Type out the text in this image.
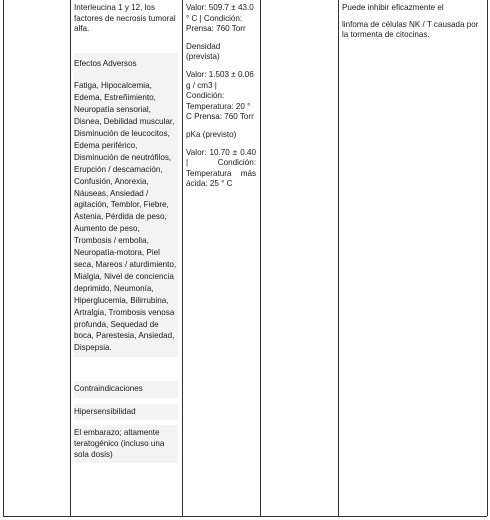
Interleucina 1 y 12, los factores de necrosis tumoral alfa.

Efectos Adversos

Fatiga, Hipocalcemia, Edema, Estreñimiento, Neuropatía sensorial, Disnea, Debilidad muscular, Disminución de leucocitos, Edema periférico, Disminución de neutrófilos, Erupción / descamación, Confusión, Anorexia, Náuseas, Ansiedad / agitación, Temblor, Fiebre, Astenia, Pérdida de peso, Aumento de peso, Trombosis / embolia, Neuropatía-motora, Piel seca, Mareos / aturdimiento, Mialgia, Nivel de conciencia deprimido, Neumonía, Hiperglucemia, Bilirrubina, Artralgia, Trombosis venosa profunda, Sequedad de boca, Parestesia, Ansiedad, Dispepsia.

Contraindicaciones

Hipersensibilidad

El embarazo; altamente teratogénico (incluso una sola dosis)

Valor: 509.7 ± 43.0 ° C | Condición: Prensa: 760 Torr

Densidad (prevista)

Valor: 1.503 ± 0.06 g / cm3 | Condición: Temperatura: 20 ° C Prensa: 760 Torr

pKa (previsto)

Valor: 10.70 ± 0.40 | Condición: Temperatura más ácida: 25 ° C

Puede inhibir eficazmente el

linfoma de células NK / T causada por la tormenta de citocinas.
